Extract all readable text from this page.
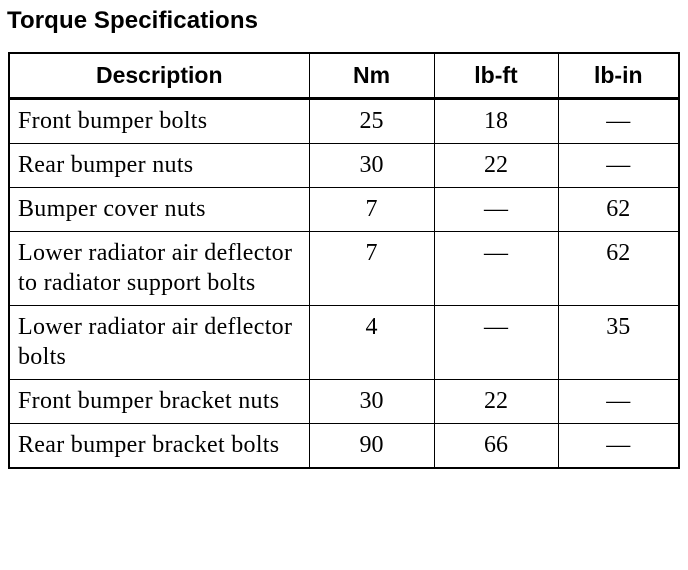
Torque Specifications
Description	Nm	lb-ft	lb-in
Front bumper bolts	25	18	—
Rear bumper nuts	30	22	—
Bumper cover nuts	7	—	62
Lower radiator air deflector to radiator support bolts	7	—	62
Lower radiator air deflector bolts	4	—	35
Front bumper bracket nuts	30	22	—
Rear bumper bracket bolts	90	66	—
